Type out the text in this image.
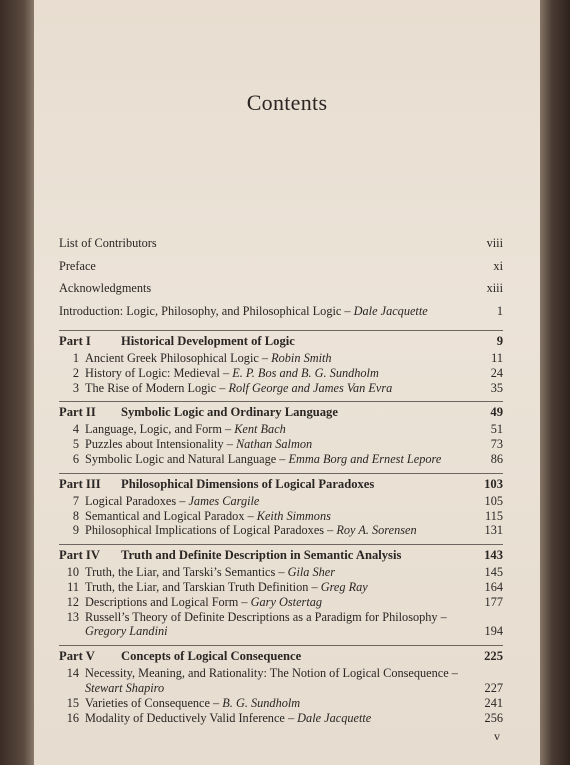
Contents
List of Contributors	viii
Preface	xi
Acknowledgments	xiii
Introduction: Logic, Philosophy, and Philosophical Logic – Dale Jacquette	1
Part I	Historical Development of Logic	9
1 Ancient Greek Philosophical Logic – Robin Smith	11
2 History of Logic: Medieval – E. P. Bos and B. G. Sundholm	24
3 The Rise of Modern Logic – Rolf George and James Van Evra	35
Part II	Symbolic Logic and Ordinary Language	49
4 Language, Logic, and Form – Kent Bach	51
5 Puzzles about Intensionality – Nathan Salmon	73
6 Symbolic Logic and Natural Language – Emma Borg and Ernest Lepore	86
Part III	Philosophical Dimensions of Logical Paradoxes	103
7 Logical Paradoxes – James Cargile	105
8 Semantical and Logical Paradox – Keith Simmons	115
9 Philosophical Implications of Logical Paradoxes – Roy A. Sorensen	131
Part IV	Truth and Definite Description in Semantic Analysis	143
10 Truth, the Liar, and Tarski’s Semantics – Gila Sher	145
11 Truth, the Liar, and Tarskian Truth Definition – Greg Ray	164
12 Descriptions and Logical Form – Gary Ostertag	177
13 Russell’s Theory of Definite Descriptions as a Paradigm for Philosophy – Gregory Landini	194
Part V	Concepts of Logical Consequence	225
14 Necessity, Meaning, and Rationality: The Notion of Logical Consequence – Stewart Shapiro	227
15 Varieties of Consequence – B. G. Sundholm	241
16 Modality of Deductively Valid Inference – Dale Jacquette	256
v
